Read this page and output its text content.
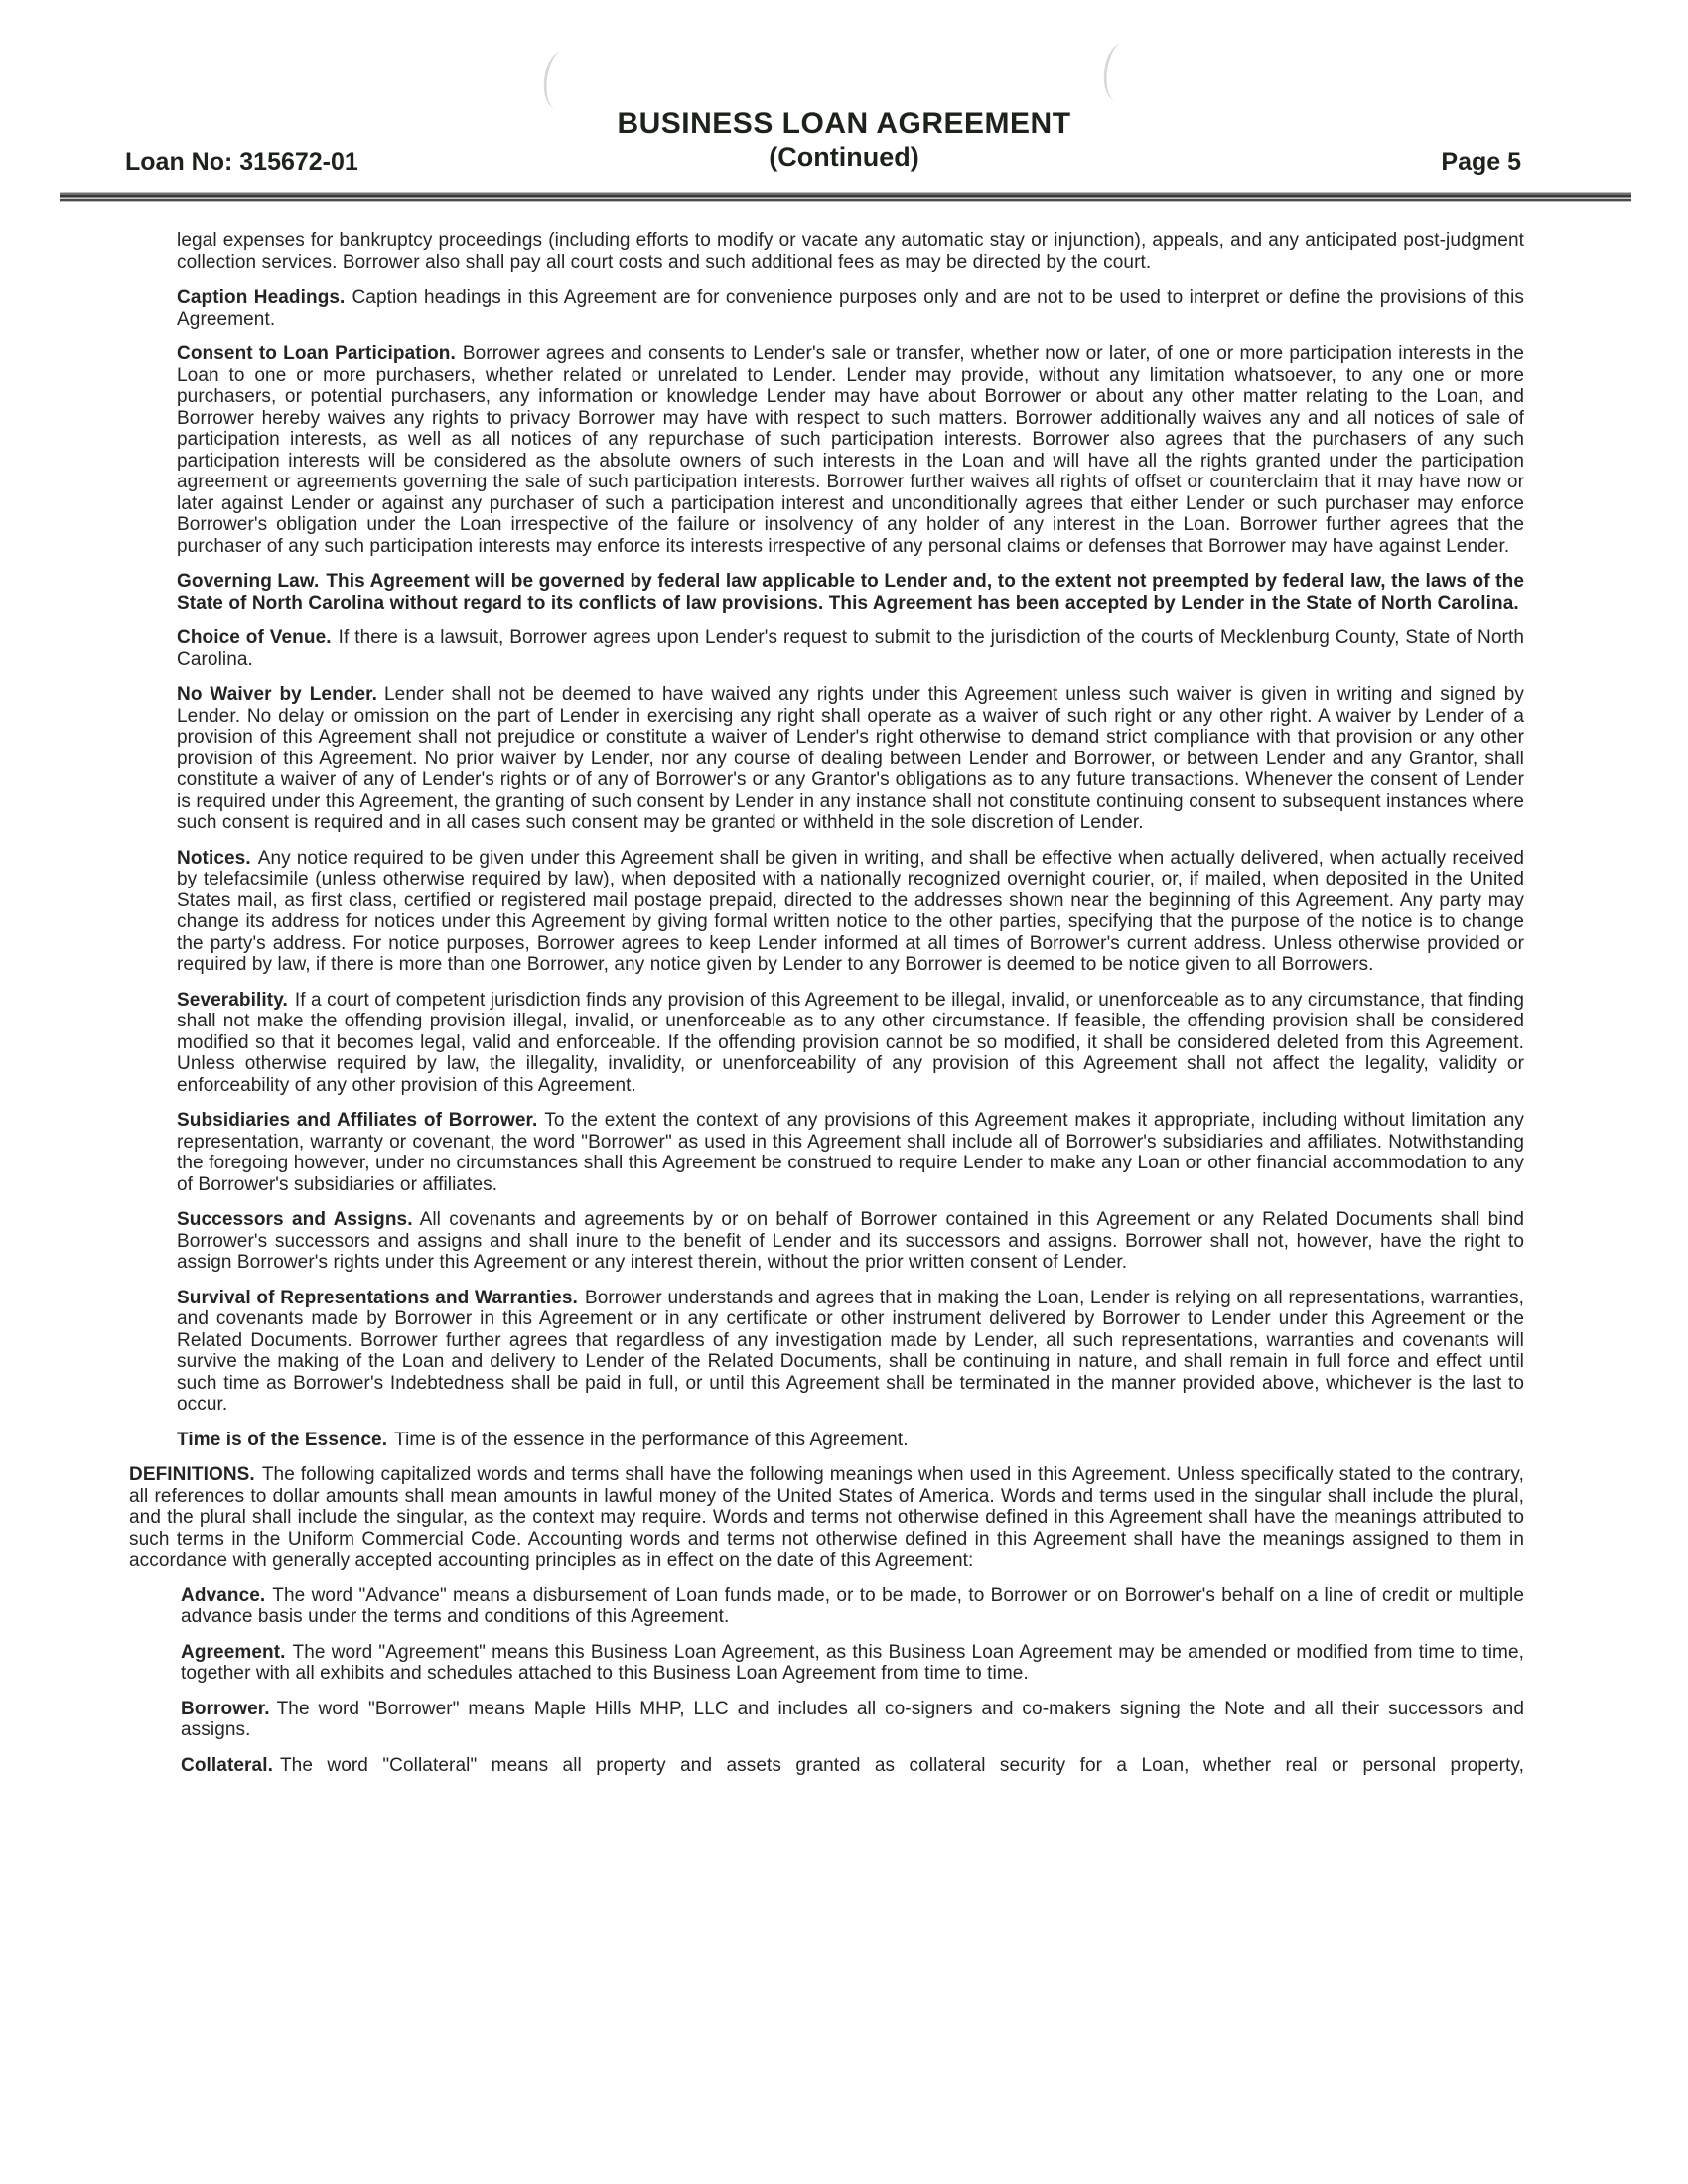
BUSINESS LOAN AGREEMENT
(Continued)
Loan No: 315672-01	Page 5

legal expenses for bankruptcy proceedings (including efforts to modify or vacate any automatic stay or injunction), appeals, and any anticipated post-judgment collection services. Borrower also shall pay all court costs and such additional fees as may be directed by the court.

Caption Headings. Caption headings in this Agreement are for convenience purposes only and are not to be used to interpret or define the provisions of this Agreement.

Consent to Loan Participation. Borrower agrees and consents to Lender's sale or transfer, whether now or later, of one or more participation interests in the Loan to one or more purchasers, whether related or unrelated to Lender. Lender may provide, without any limitation whatsoever, to any one or more purchasers, or potential purchasers, any information or knowledge Lender may have about Borrower or about any other matter relating to the Loan, and Borrower hereby waives any rights to privacy Borrower may have with respect to such matters. Borrower additionally waives any and all notices of sale of participation interests, as well as all notices of any repurchase of such participation interests. Borrower also agrees that the purchasers of any such participation interests will be considered as the absolute owners of such interests in the Loan and will have all the rights granted under the participation agreement or agreements governing the sale of such participation interests. Borrower further waives all rights of offset or counterclaim that it may have now or later against Lender or against any purchaser of such a participation interest and unconditionally agrees that either Lender or such purchaser may enforce Borrower's obligation under the Loan irrespective of the failure or insolvency of any holder of any interest in the Loan. Borrower further agrees that the purchaser of any such participation interests may enforce its interests irrespective of any personal claims or defenses that Borrower may have against Lender.

Governing Law. This Agreement will be governed by federal law applicable to Lender and, to the extent not preempted by federal law, the laws of the State of North Carolina without regard to its conflicts of law provisions. This Agreement has been accepted by Lender in the State of North Carolina.

Choice of Venue. If there is a lawsuit, Borrower agrees upon Lender's request to submit to the jurisdiction of the courts of Mecklenburg County, State of North Carolina.

No Waiver by Lender. Lender shall not be deemed to have waived any rights under this Agreement unless such waiver is given in writing and signed by Lender. No delay or omission on the part of Lender in exercising any right shall operate as a waiver of such right or any other right. A waiver by Lender of a provision of this Agreement shall not prejudice or constitute a waiver of Lender's right otherwise to demand strict compliance with that provision or any other provision of this Agreement. No prior waiver by Lender, nor any course of dealing between Lender and Borrower, or between Lender and any Grantor, shall constitute a waiver of any of Lender's rights or of any of Borrower's or any Grantor's obligations as to any future transactions. Whenever the consent of Lender is required under this Agreement, the granting of such consent by Lender in any instance shall not constitute continuing consent to subsequent instances where such consent is required and in all cases such consent may be granted or withheld in the sole discretion of Lender.

Notices. Any notice required to be given under this Agreement shall be given in writing, and shall be effective when actually delivered, when actually received by telefacsimile (unless otherwise required by law), when deposited with a nationally recognized overnight courier, or, if mailed, when deposited in the United States mail, as first class, certified or registered mail postage prepaid, directed to the addresses shown near the beginning of this Agreement. Any party may change its address for notices under this Agreement by giving formal written notice to the other parties, specifying that the purpose of the notice is to change the party's address. For notice purposes, Borrower agrees to keep Lender informed at all times of Borrower's current address. Unless otherwise provided or required by law, if there is more than one Borrower, any notice given by Lender to any Borrower is deemed to be notice given to all Borrowers.

Severability. If a court of competent jurisdiction finds any provision of this Agreement to be illegal, invalid, or unenforceable as to any circumstance, that finding shall not make the offending provision illegal, invalid, or unenforceable as to any other circumstance. If feasible, the offending provision shall be considered modified so that it becomes legal, valid and enforceable. If the offending provision cannot be so modified, it shall be considered deleted from this Agreement. Unless otherwise required by law, the illegality, invalidity, or unenforceability of any provision of this Agreement shall not affect the legality, validity or enforceability of any other provision of this Agreement.

Subsidiaries and Affiliates of Borrower. To the extent the context of any provisions of this Agreement makes it appropriate, including without limitation any representation, warranty or covenant, the word "Borrower" as used in this Agreement shall include all of Borrower's subsidiaries and affiliates. Notwithstanding the foregoing however, under no circumstances shall this Agreement be construed to require Lender to make any Loan or other financial accommodation to any of Borrower's subsidiaries or affiliates.

Successors and Assigns. All covenants and agreements by or on behalf of Borrower contained in this Agreement or any Related Documents shall bind Borrower's successors and assigns and shall inure to the benefit of Lender and its successors and assigns. Borrower shall not, however, have the right to assign Borrower's rights under this Agreement or any interest therein, without the prior written consent of Lender.

Survival of Representations and Warranties. Borrower understands and agrees that in making the Loan, Lender is relying on all representations, warranties, and covenants made by Borrower in this Agreement or in any certificate or other instrument delivered by Borrower to Lender under this Agreement or the Related Documents. Borrower further agrees that regardless of any investigation made by Lender, all such representations, warranties and covenants will survive the making of the Loan and delivery to Lender of the Related Documents, shall be continuing in nature, and shall remain in full force and effect until such time as Borrower's Indebtedness shall be paid in full, or until this Agreement shall be terminated in the manner provided above, whichever is the last to occur.

Time is of the Essence. Time is of the essence in the performance of this Agreement.

DEFINITIONS. The following capitalized words and terms shall have the following meanings when used in this Agreement. Unless specifically stated to the contrary, all references to dollar amounts shall mean amounts in lawful money of the United States of America. Words and terms used in the singular shall include the plural, and the plural shall include the singular, as the context may require. Words and terms not otherwise defined in this Agreement shall have the meanings attributed to such terms in the Uniform Commercial Code. Accounting words and terms not otherwise defined in this Agreement shall have the meanings assigned to them in accordance with generally accepted accounting principles as in effect on the date of this Agreement:

Advance. The word "Advance" means a disbursement of Loan funds made, or to be made, to Borrower or on Borrower's behalf on a line of credit or multiple advance basis under the terms and conditions of this Agreement.

Agreement. The word "Agreement" means this Business Loan Agreement, as this Business Loan Agreement may be amended or modified from time to time, together with all exhibits and schedules attached to this Business Loan Agreement from time to time.

Borrower. The word "Borrower" means Maple Hills MHP, LLC and includes all co-signers and co-makers signing the Note and all their successors and assigns.

Collateral. The word "Collateral" means all property and assets granted as collateral security for a Loan, whether real or personal property,
